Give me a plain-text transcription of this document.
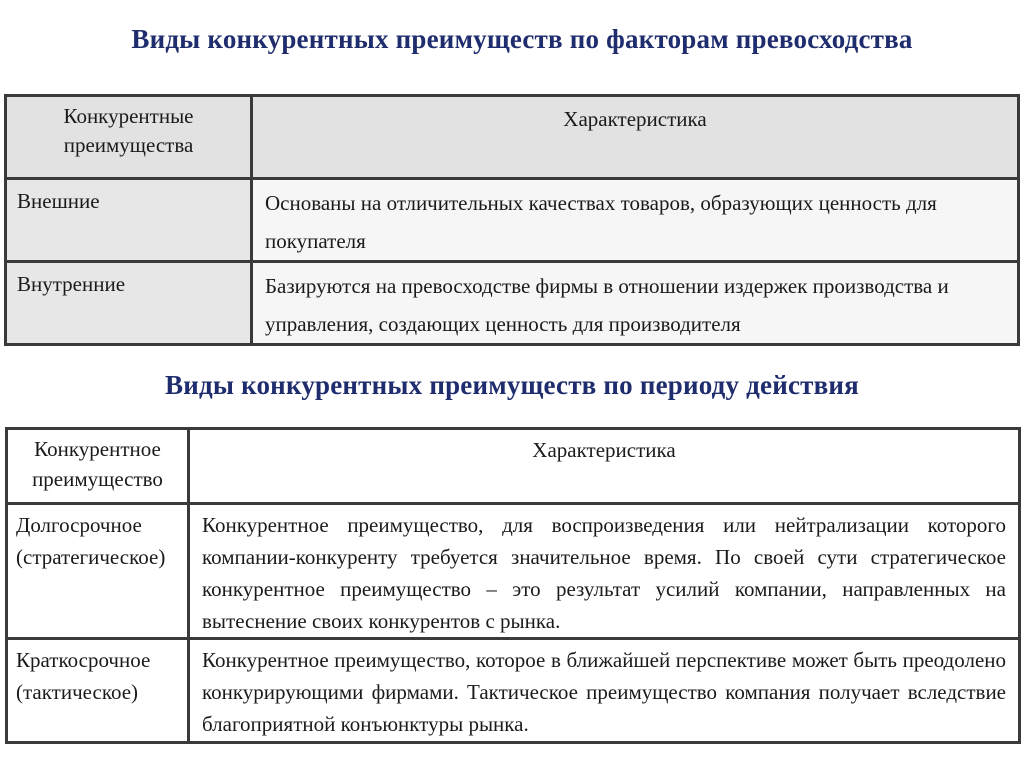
Виды конкурентных преимуществ по факторам превосходства
Конкурентные преимущества	Характеристика
Внешние	Основаны на отличительных качествах товаров, образующих ценность для покупателя
Внутренние	Базируются на превосходстве фирмы в отношении издержек производства и управления, создающих ценность для производителя
Виды конкурентных преимуществ по периоду действия
Конкурентное преимущество	Характеристика
Долгосрочное (стратегическое)	Конкурентное преимущество, для воспроизведения или нейтрализации которого компании-конкуренту требуется значительное время. По своей сути стратегическое конкурентное преимущество – это результат усилий компании, направленных на вытеснение своих конкурентов с рынка.
Краткосрочное (тактическое)	Конкурентное преимущество, которое в ближайшей перспективе может быть преодолено конкурирующими фирмами. Тактическое преимущество компания получает вследствие благоприятной конъюнктуры рынка.
